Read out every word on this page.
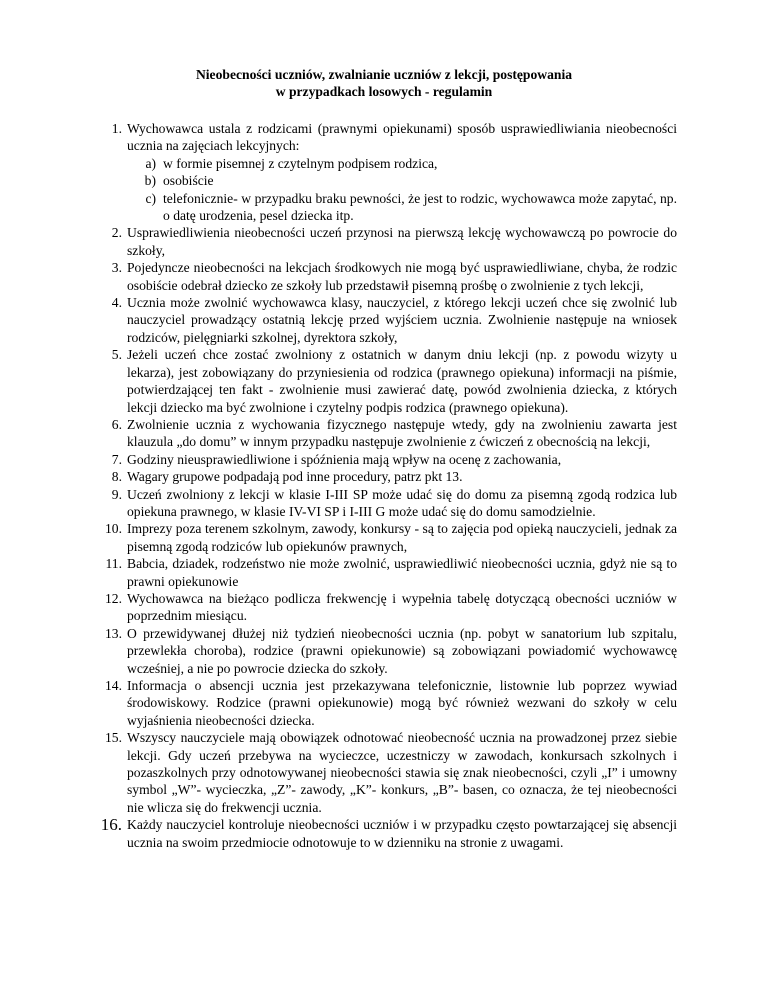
Nieobecności uczniów, zwalnianie uczniów z lekcji, postępowania
w przypadkach losowych - regulamin
1. Wychowawca ustala z rodzicami (prawnymi opiekunami) sposób usprawiedliwiania nieobecności ucznia na zajęciach lekcyjnych:
a) w formie pisemnej z czytelnym podpisem rodzica,
b) osobiście
c) telefonicznie- w przypadku braku pewności, że jest to rodzic, wychowawca może zapytać, np. o datę urodzenia, pesel dziecka itp.
2. Usprawiedliwienia nieobecności uczeń przynosi na pierwszą lekcję wychowawczą po powrocie do szkoły,
3. Pojedyncze nieobecności na lekcjach środkowych nie mogą być usprawiedliwiane, chyba, że rodzic osobiście odebrał dziecko ze szkoły lub przedstawił pisemną prośbę o zwolnienie z tych lekcji,
4. Ucznia może zwolnić wychowawca klasy, nauczyciel, z którego lekcji uczeń chce się zwolnić lub nauczyciel prowadzący ostatnią lekcję przed wyjściem ucznia. Zwolnienie następuje na wniosek rodziców, pielęgniarki szkolnej, dyrektora szkoły,
5. Jeżeli uczeń chce zostać zwolniony z ostatnich w danym dniu lekcji (np. z powodu wizyty u lekarza), jest zobowiązany do przyniesienia od rodzica (prawnego opiekuna) informacji na piśmie, potwierdzającej ten fakt - zwolnienie musi zawierać datę, powód zwolnienia dziecka, z których lekcji dziecko ma być zwolnione i czytelny podpis rodzica (prawnego opiekuna).
6. Zwolnienie ucznia z wychowania fizycznego następuje wtedy, gdy na zwolnieniu zawarta jest klauzula „do domu” w innym przypadku następuje zwolnienie z ćwiczeń z obecnością na lekcji,
7. Godziny nieusprawiedliwione i spóźnienia mają wpływ na ocenę z zachowania,
8. Wagary grupowe podpadają pod inne procedury, patrz pkt 13.
9. Uczeń zwolniony z lekcji w klasie I-III SP może udać się do domu za pisemną zgodą rodzica lub opiekuna prawnego, w klasie IV-VI SP i I-III G może udać się do domu samodzielnie.
10. Imprezy poza terenem szkolnym, zawody, konkursy - są to zajęcia pod opieką nauczycieli, jednak za pisemną zgodą rodziców lub opiekunów prawnych,
11. Babcia, dziadek, rodzeństwo nie może zwolnić, usprawiedliwić nieobecności ucznia, gdyż nie są to prawni opiekunowie
12. Wychowawca na bieżąco podlicza frekwencję i wypełnia tabelę dotyczącą obecności uczniów w poprzednim miesiącu.
13. O przewidywanej dłużej niż tydzień nieobecności ucznia (np. pobyt w sanatorium lub szpitalu, przewlekła choroba), rodzice (prawni opiekunowie) są zobowiązani powiadomić wychowawcę wcześniej, a nie po powrocie dziecka do szkoły.
14. Informacja o absencji ucznia jest przekazywana telefonicznie, listownie lub poprzez wywiad środowiskowy. Rodzice (prawni opiekunowie) mogą być również wezwani do szkoły w celu wyjaśnienia nieobecności dziecka.
15. Wszyscy nauczyciele mają obowiązek odnotować nieobecność ucznia na prowadzonej przez siebie lekcji. Gdy uczeń przebywa na wycieczce, uczestniczy w zawodach, konkursach szkolnych i pozaszkolnych przy odnotowywanej nieobecności stawia się znak nieobecności, czyli „I” i umowny symbol „W”- wycieczka, „Z”- zawody, „K”- konkurs, „B”- basen, co oznacza, że tej nieobecności nie wlicza się do frekwencji ucznia.
16. Każdy nauczyciel kontroluje nieobecności uczniów i w przypadku często powtarzającej się absencji ucznia na swoim przedmiocie odnotowuje to w dzienniku na stronie z uwagami.
